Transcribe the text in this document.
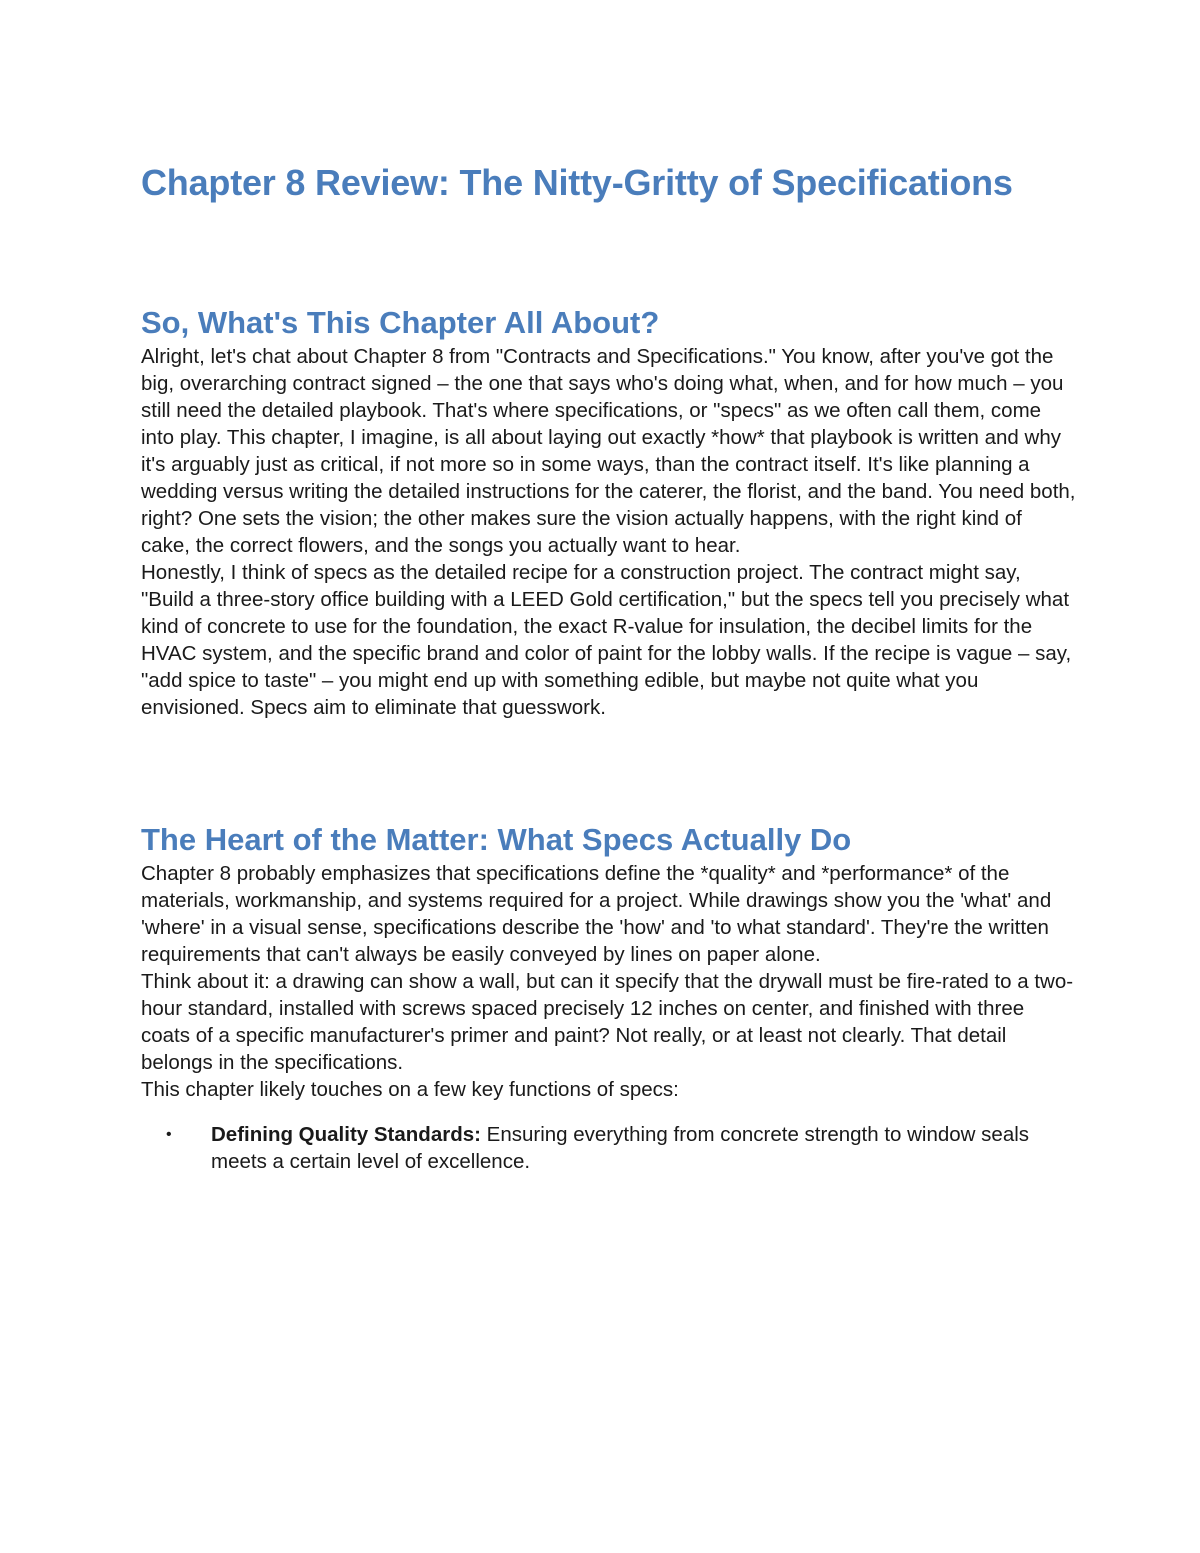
Chapter 8 Review: The Nitty-Gritty of Specifications
So, What's This Chapter All About?

Alright, let's chat about Chapter 8 from "Contracts and Specifications." You know, after you've got the big, overarching contract signed – the one that says who's doing what, when, and for how much – you still need the detailed playbook. That's where specifications, or "specs" as we often call them, come into play. This chapter, I imagine, is all about laying out exactly *how* that playbook is written and why it's arguably just as critical, if not more so in some ways, than the contract itself. It's like planning a wedding versus writing the detailed instructions for the caterer, the florist, and the band. You need both, right? One sets the vision; the other makes sure the vision actually happens, with the right kind of cake, the correct flowers, and the songs you actually want to hear.

Honestly, I think of specs as the detailed recipe for a construction project. The contract might say, "Build a three-story office building with a LEED Gold certification," but the specs tell you precisely what kind of concrete to use for the foundation, the exact R-value for insulation, the decibel limits for the HVAC system, and the specific brand and color of paint for the lobby walls. If the recipe is vague – say, "add spice to taste" – you might end up with something edible, but maybe not quite what you envisioned. Specs aim to eliminate that guesswork.

The Heart of the Matter: What Specs Actually Do

Chapter 8 probably emphasizes that specifications define the *quality* and *performance* of the materials, workmanship, and systems required for a project. While drawings show you the 'what' and 'where' in a visual sense, specifications describe the 'how' and 'to what standard'. They're the written requirements that can't always be easily conveyed by lines on paper alone.

Think about it: a drawing can show a wall, but can it specify that the drywall must be fire-rated to a two-hour standard, installed with screws spaced precisely 12 inches on center, and finished with three coats of a specific manufacturer's primer and paint? Not really, or at least not clearly. That detail belongs in the specifications.

This chapter likely touches on a few key functions of specs:

• Defining Quality Standards: Ensuring everything from concrete strength to window seals meets a certain level of excellence.
